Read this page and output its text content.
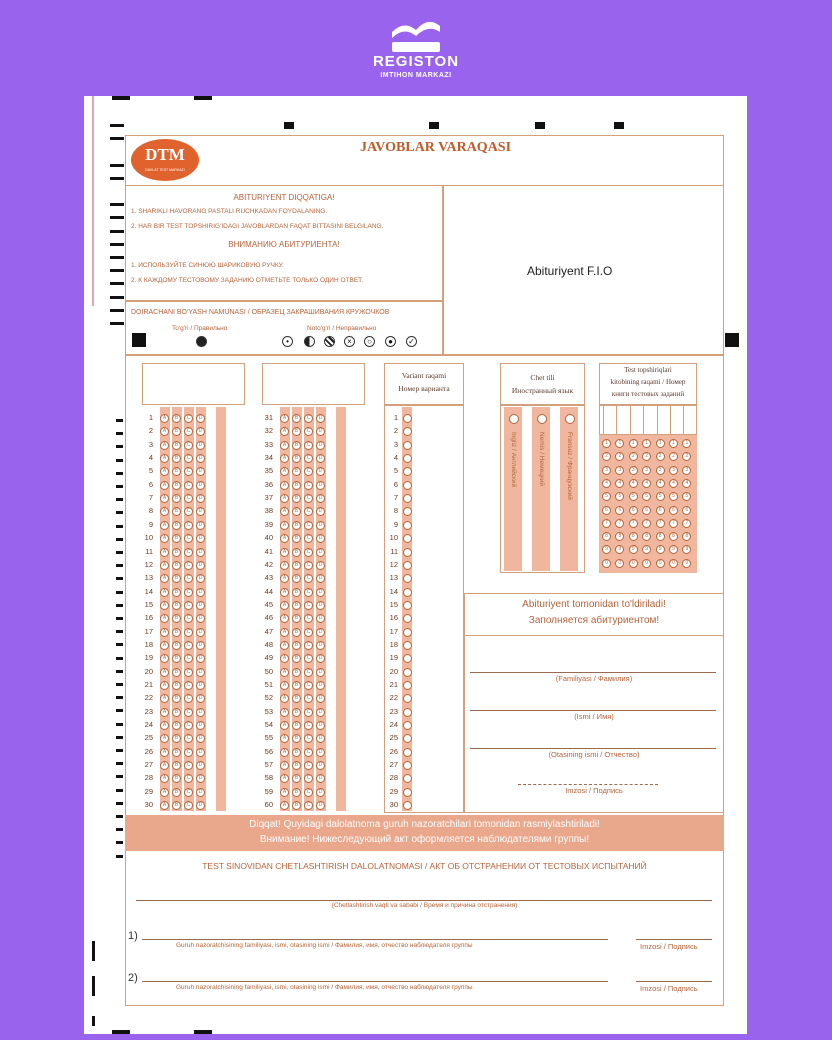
REGISTON
IMTIHON MARKAZI
DTM
DAVLAT TEST MARKAZI
JAVOBLAR VARAQASI
ABITURIYENT DIQQATIGA!
1. SHARIKLI HAVORANG PASTALI RUCHKADAN FOYDALANING.
2. HAR BIR TEST TOPSHIRIG'IDAGI JAVOBLARDAN FAQAT BITTASINI BELGILANG.
ВНИМАНИЮ АБИТУРИЕНТА!
1. ИСПОЛЬЗУЙТЕ СИНЮЮ ШАРИКОВУЮ РУЧКУ.
2. К КАЖДОМУ ТЕСТОВОМУ ЗАДАНИЮ ОТМЕТЬТЕ ТОЛЬКО ОДИН ОТВЕТ.
Abituriyent F.I.O
DOIRACHANI BO'YASH NAMUNASI / ОБРАЗЕЦ ЗАКРАШИВАНИЯ КРУЖОЧКОВ
To'g'ri / Правильно	Noto'g'ri / Неправильно
•	×	○	●	✓
1	A	B	C	D
2	A	B	C	D
3	A	B	C	D
4	A	B	C	D
5	A	B	C	D
6	A	B	C	D
7	A	B	C	D
8	A	B	C	D
9	A	B	C	D
10	A	B	C	D
11	A	B	C	D
12	A	B	C	D
13	A	B	C	D
14	A	B	C	D
15	A	B	C	D
16	A	B	C	D
17	A	B	C	D
18	A	B	C	D
19	A	B	C	D
20	A	B	C	D
21	A	B	C	D
22	A	B	C	D
23	A	B	C	D
24	A	B	C	D
25	A	B	C	D
26	A	B	C	D
27	A	B	C	D
28	A	B	C	D
29	A	B	C	D
30	A	B	C	D
31	A	B	C	D
32	A	B	C	D
33	A	B	C	D
34	A	B	C	D
35	A	B	C	D
36	A	B	C	D
37	A	B	C	D
38	A	B	C	D
39	A	B	C	D
40	A	B	C	D
41	A	B	C	D
42	A	B	C	D
43	A	B	C	D
44	A	B	C	D
45	A	B	C	D
46	A	B	C	D
47	A	B	C	D
48	A	B	C	D
49	A	B	C	D
50	A	B	C	D
51	A	B	C	D
52	A	B	C	D
53	A	B	C	D
54	A	B	C	D
55	A	B	C	D
56	A	B	C	D
57	A	B	C	D
58	A	B	C	D
59	A	B	C	D
60	A	B	C	D
Variant raqami
Номер варианта
1
2
3
4
5
6
7
8
9
10
11
12
13
14
15
16
17
18
19
20
21
22
23
24
25
26
27
28
29
30
Chet tili
Иностранный язык
Ingliz / Английский	Nemis / Немецкий	Fransuz / Французский
Test topshiriqlari
kitobining raqami / Номер
книги тестовых заданий
1	1	1	1	1	1	1
2	2	2	2	2	2	2
3	3	3	3	3	3	3
4	4	4	4	4	4	4
5	5	5	5	5	5	5
6	6	6	6	6	6	6
7	7	7	7	7	7	7
8	8	8	8	8	8	8
9	9	9	9	9	9	9
0	0	0	0	0	0	0
Abituriyent tomonidan to'ldiriladi!
Заполняется абитуриентом!
(Familiyasi / Фамилия)
(Ismi / Имя)
(Otasining ismi / Отчество)
Imzosi / Подпись
Diqqat! Quyidagi dalolatnoma guruh nazoratchilari tomonidan rasmiylashtiriladi!
Внимание! Нижеследующий акт оформляется наблюдателями группы!
TEST SINOVIDAN CHETLASHTIRISH DALOLATNOMASI / АКТ ОБ ОТСТРАНЕНИИ ОТ ТЕСТОВЫХ ИСПЫТАНИЙ
(Chetlashtirish vaqti va sababi / Время и причина отстранения)
1)
Guruh nazoratchisining familiyasi, ismi, otasining ismi / Фамилия, имя, отчество наблюдателя группы	Imzosi / Подпись
2)
Guruh nazoratchisining familiyasi, ismi, otasining ismi / Фамилия, имя, отчество наблюдателя группы	Imzosi / Подпись
